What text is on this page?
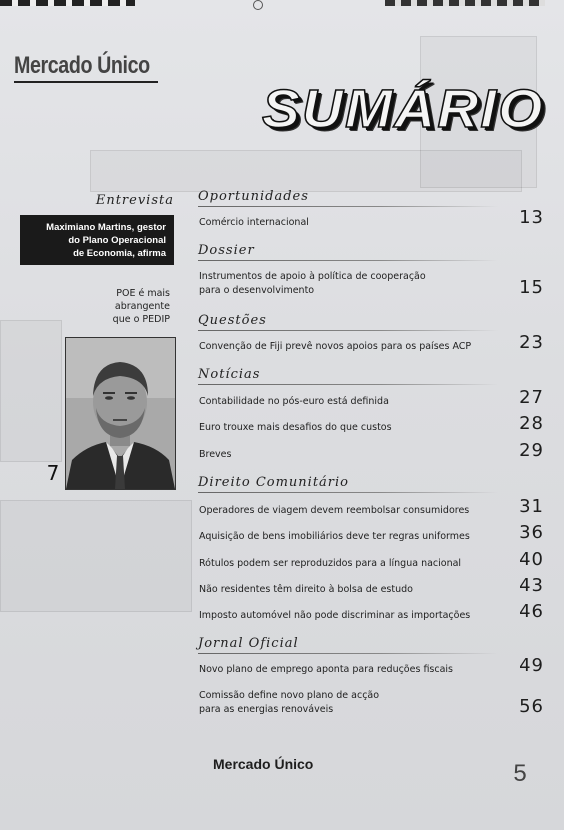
Mercado Único
SUMÁRIO
Entrevista
Maximiano Martins, gestor
do Plano Operacional
de Economia, afirma
POE é mais
abrangente
que o PEDIP
7
Oportunidades
Comércio internacional	13
Dossier
Instrumentos de apoio à política de cooperação
para o desenvolvimento	15
Questões
Convenção de Fiji prevê novos apoios para os países ACP	23
Notícias
Contabilidade no pós-euro está definida	27
Euro trouxe mais desafios do que custos	28
Breves	29
Direito Comunitário
Operadores de viagem devem reembolsar consumidores	31
Aquisição de bens imobiliários deve ter regras uniformes	36
Rótulos podem ser reproduzidos para a língua nacional	40
Não residentes têm direito à bolsa de estudo	43
Imposto automóvel não pode discriminar as importações	46
Jornal Oficial
Novo plano de emprego aponta para reduções fiscais	49
Comissão define novo plano de acção
para as energias renováveis	56
Mercado Único	5
